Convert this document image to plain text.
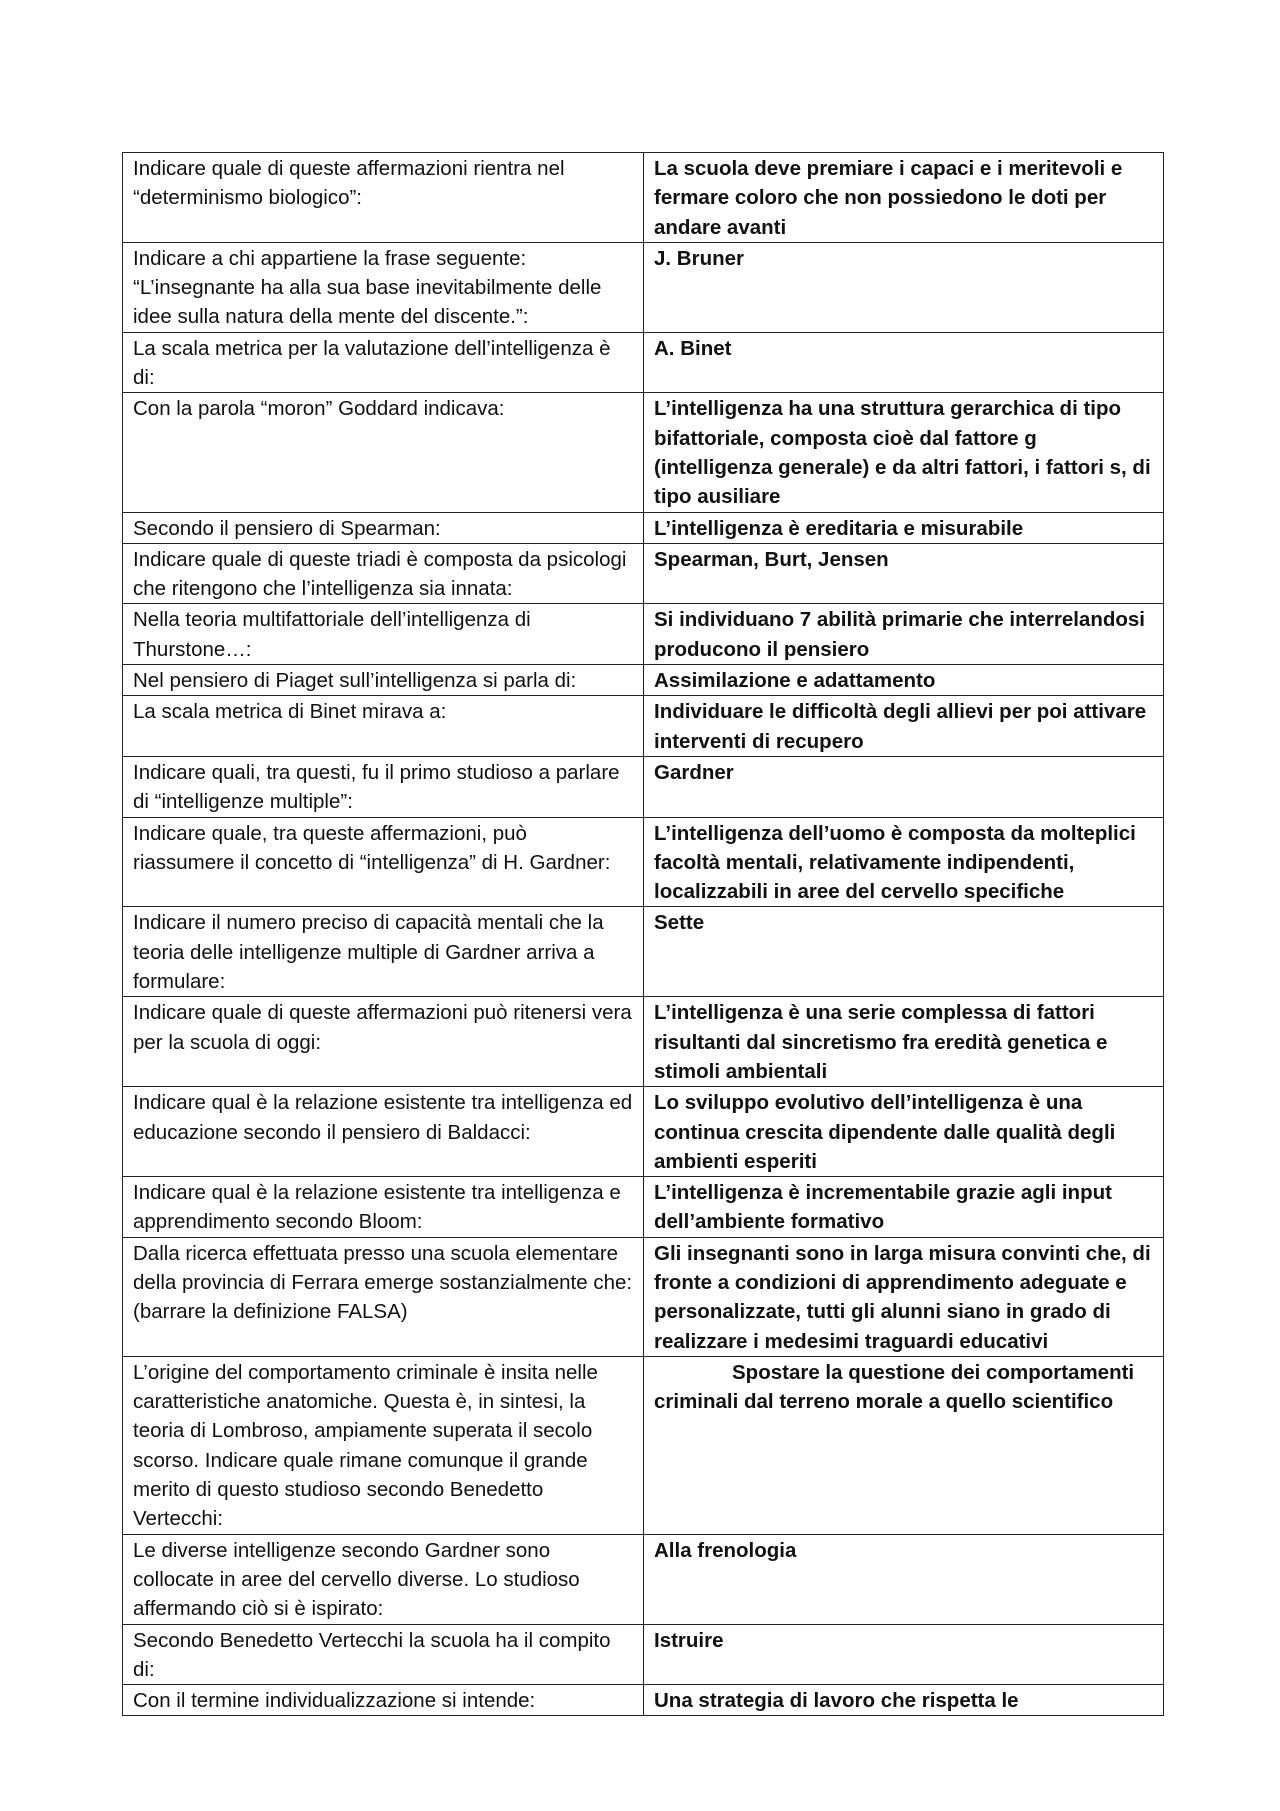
Indicare quale di queste affermazioni rientra nel “determinismo biologico”:	La scuola deve premiare i capaci e i meritevoli e fermare coloro che non possiedono le doti per andare avanti
Indicare a chi appartiene la frase seguente: “L’insegnante ha alla sua base inevitabilmente delle idee sulla natura della mente del discente.”:	J. Bruner
La scala metrica per la valutazione dell’intelligenza è di:	A. Binet
Con la parola “moron” Goddard indicava:	L’intelligenza ha una struttura gerarchica di tipo bifattoriale, composta cioè dal fattore g (intelligenza generale) e da altri fattori, i fattori s, di tipo ausiliare
Secondo il pensiero di Spearman:	L’intelligenza è ereditaria e misurabile
Indicare quale di queste triadi è composta da psicologi che ritengono che l’intelligenza sia innata:	Spearman, Burt, Jensen
Nella teoria multifattoriale dell’intelligenza di Thurstone…:	Si individuano 7 abilità primarie che interrelandosi producono il pensiero
Nel pensiero di Piaget sull’intelligenza si parla di:	Assimilazione e adattamento
La scala metrica di Binet mirava a:	Individuare le difficoltà degli allievi per poi attivare interventi di recupero
Indicare quali, tra questi, fu il primo studioso a parlare di “intelligenze multiple”:	Gardner
Indicare quale, tra queste affermazioni, può riassumere il concetto di “intelligenza” di H. Gardner:	L’intelligenza dell’uomo è composta da molteplici facoltà mentali, relativamente indipendenti, localizzabili in aree del cervello specifiche
Indicare il numero preciso di capacità mentali che la teoria delle intelligenze multiple di Gardner arriva a formulare:	Sette
Indicare quale di queste affermazioni può ritenersi vera per la scuola di oggi:	L’intelligenza è una serie complessa di fattori risultanti dal sincretismo fra eredità genetica e stimoli ambientali
Indicare qual è la relazione esistente tra intelligenza ed educazione secondo il pensiero di Baldacci:	Lo sviluppo evolutivo dell’intelligenza è una continua crescita dipendente dalle qualità degli ambienti esperiti
Indicare qual è la relazione esistente tra intelligenza e apprendimento secondo Bloom:	L’intelligenza è incrementabile grazie agli input dell’ambiente formativo
Dalla ricerca effettuata presso una scuola elementare della provincia di Ferrara emerge sostanzialmente che: (barrare la definizione FALSA)	Gli insegnanti sono in larga misura convinti che, di fronte a condizioni di apprendimento adeguate e personalizzate, tutti gli alunni siano in grado di realizzare i medesimi traguardi educativi
L’origine del comportamento criminale è insita nelle caratteristiche anatomiche. Questa è, in sintesi, la teoria di Lombroso, ampiamente superata il secolo scorso. Indicare quale rimane comunque il grande merito di questo studioso secondo Benedetto Vertecchi:	Spostare la questione dei comportamenti criminali dal terreno morale a quello scientifico
Le diverse intelligenze secondo Gardner sono collocate in aree del cervello diverse. Lo studioso affermando ciò si è ispirato:	Alla frenologia
Secondo Benedetto Vertecchi la scuola ha il compito di:	Istruire
Con il termine individualizzazione si intende:	Una strategia di lavoro che rispetta le
